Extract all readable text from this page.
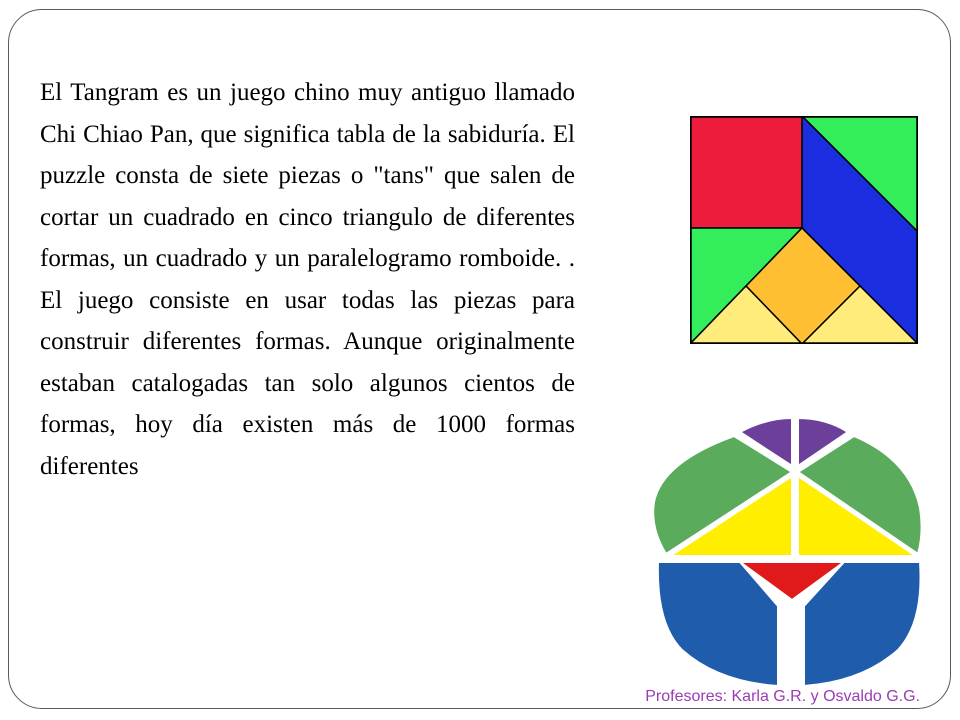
El Tangram es un juego chino muy antiguo llamado Chi Chiao Pan, que significa tabla de la sabiduría. El puzzle consta de siete piezas o "tans" que salen de cortar un cuadrado en cinco triangulo de diferentes formas, un cuadrado y un paralelogramo romboide. . El juego consiste en usar todas las piezas para construir diferentes formas. Aunque originalmente estaban catalogadas tan solo algunos cientos de formas, hoy día existen más de 1000 formas diferentes

Profesores: Karla G.R. y Osvaldo G.G.
